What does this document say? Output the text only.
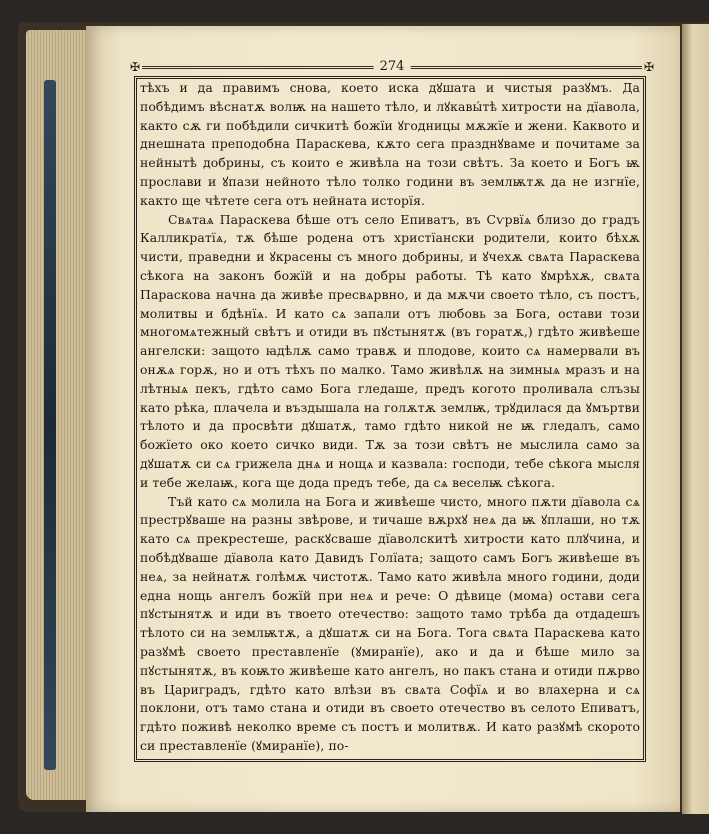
✠	274	✠

тѣхъ и да правимъ снова, което иска дꙋшата и чистыя разꙋмъ. Да побѣдимъ вѣснатѫ волѭ на нашето тѣло, и лꙋкавы́тѣ хитрости на дїавола, както сѫ ги побѣдили сичкитѣ божїи ꙋгодницы мѫжїе и жени. Каквото и днешната преподобна Параскева, кѫто сега празднꙋваме и почитаме за нейнытѣ добрины, съ които е живѣла на този свѣтъ. За което и Богъ ѭ прослави и ꙋпази нейното тѣло толко години въ землѭтѫ да не изгнїе, както ще чѣтете сега отъ нейната исторїя.

Свѧтаѧ Параскева бѣше отъ село Епиватъ, въ Сѵрвїѧ близо до градъ Калликратїѧ, тѫ бѣше родена отъ христїански родители, които бѣхѫ чисти, праведни и ꙋкрасены съ много добрины, и ꙋчехѫ свѧта Параскева сѣкога на законъ божїй и на добры работы. Тѣ като ꙋмрѣхѫ, свѧта Параскова начна да живѣе пресвѧрвно, и да мѫчи своето тѣло, съ постъ, молитвы и бдѣнїѧ. И като сѧ запали отъ любовь за Бога, остави този многомѧтежный свѣтъ и отиди въ пꙋстынятѫ (въ горатѫ,) гдѣто живѣеше ангелски: защото ꙗдѣлѫ само травѫ и плодове, които сѧ намервали въ онѫѧ горѫ, но и отъ тѣхъ по малко. Тамо живѣлѫ на зимныѧ мразъ и на лѣтныѧ пекъ, гдѣто само Бога гледаше, предъ когото проливала слъзы като рѣка, плачела и въздышала на голѫтѫ землѭ, трꙋдилася да ꙋмъртви тѣлото и да просвѣти дꙋшатѫ, тамо гдѣто никой не ѭ гледалъ, само божїето око което сичко види. Тѫ за този свѣтъ не мыслила само за дꙋшатѫ си сѧ грижела днѧ и нощѧ и казвала: господи, тебе сѣкога мысля и тебе желаѭ, кога ще дода предъ тебе, да сѧ веселѭ сѣкога.

Тъй като сѧ молила на Бога и живѣеше чисто, много пѫти дїавола сѧ престрꙋваше на разны звѣрове, и тичаше вѫрхꙋ неѧ да ѭ ꙋплаши, но тѫ като сѧ прекрестеше, раскꙋсваше дїаволскитѣ хитрости като плꙋчина, и побѣдꙋваше дїавола като Давидъ Голїата; защото самъ Богъ живѣеше въ неѧ, за нейнатѫ голѣмѫ чистотѫ. Тамо като живѣла много години, доди една нощь ангелъ божїй при неѧ и рече: О дѣвице (мома) остави сега пꙋстынятѫ и иди въ твоето отечество: защото тамо трѣба да отдадешъ тѣлото си на землѭтѫ, а дꙋшатѫ си на Бога. Тога свѧта Параскева като разꙋмѣ своето преставленїе (ꙋмиранїе), ако и да и бѣше мило за пꙋстынятѫ, въ коѭто живѣеше като ангелъ, но пакъ стана и отиди пѫрво въ Цариградъ, гдѣто като влѣзи въ свѧта Софїѧ и во влахерна и сѧ поклони, отъ тамо стана и отиди въ своето отечество въ селото Епиватъ, гдѣто поживѣ неколко време съ постъ и молитвѫ. И като разꙋмѣ скорото си преставленїе (ꙋмиранїе), по-
